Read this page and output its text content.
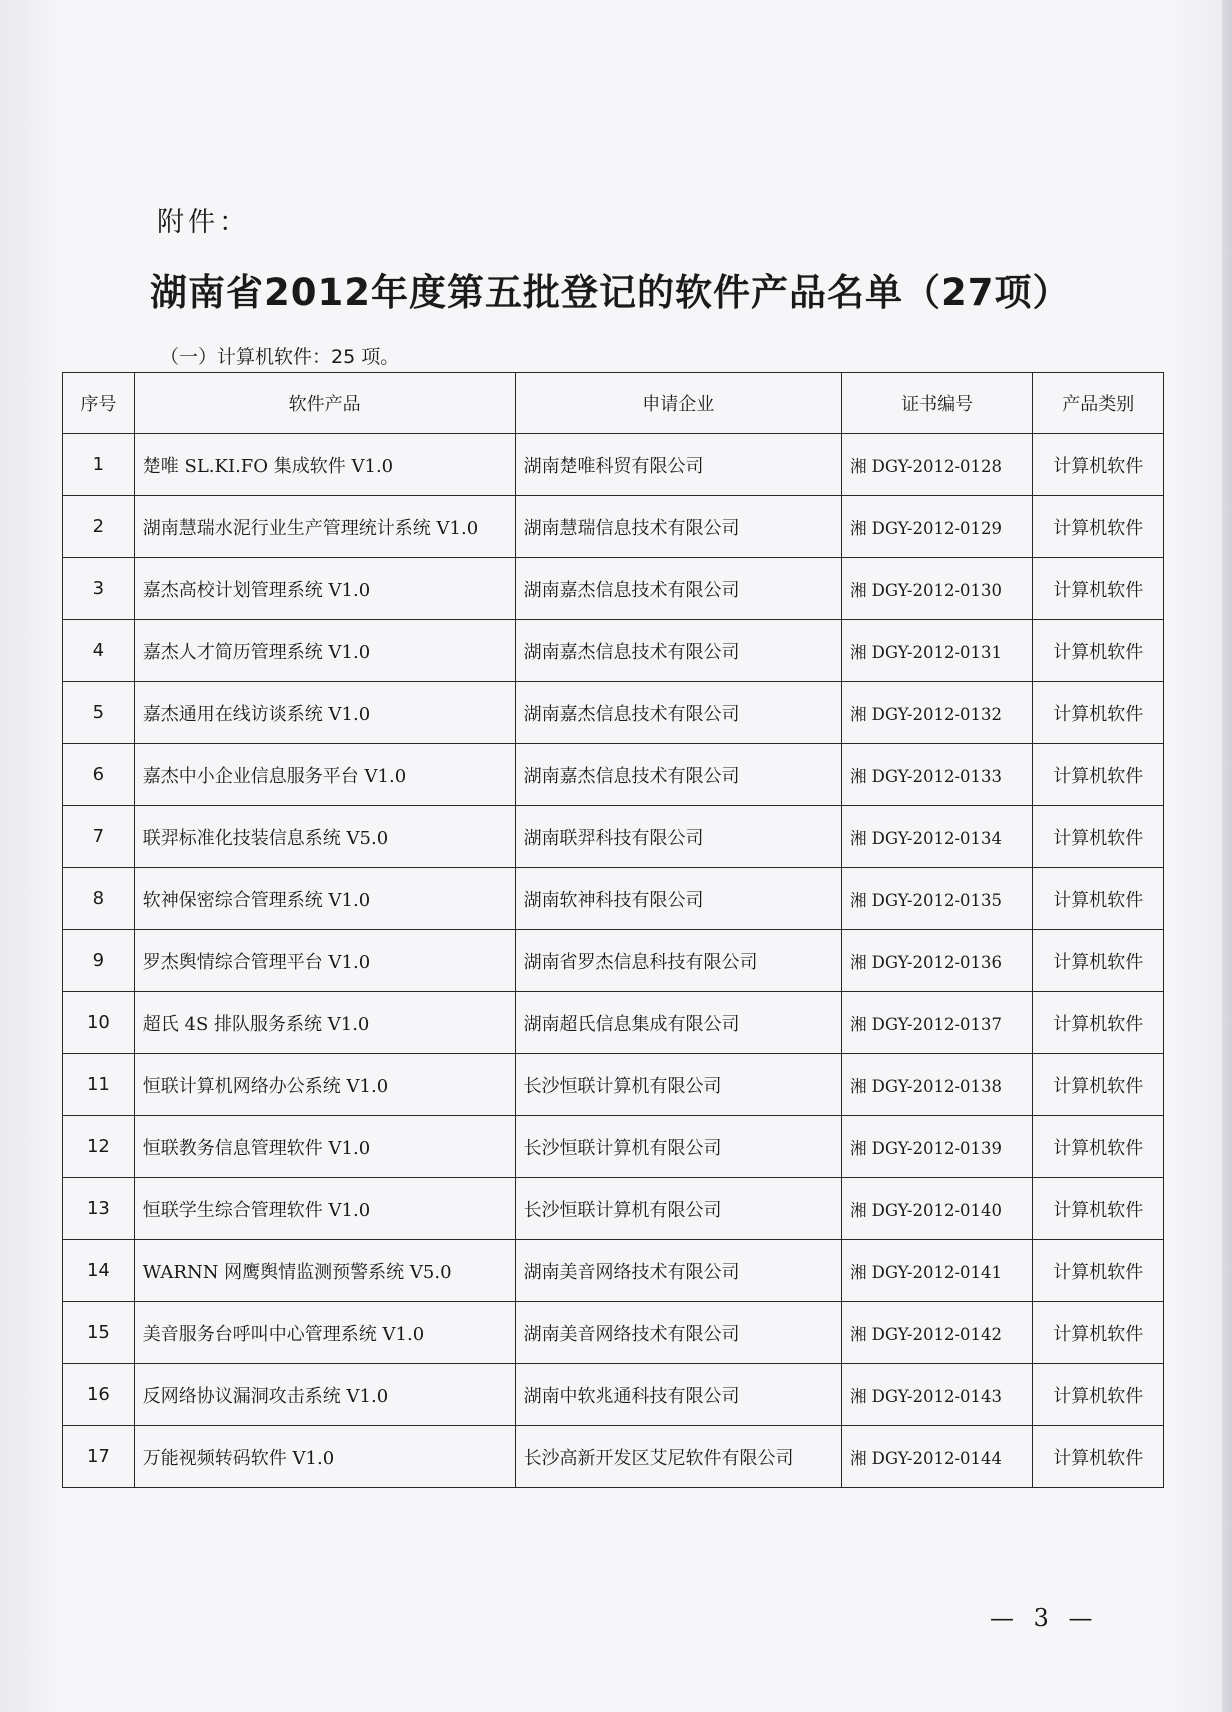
附件：
湖南省2012年度第五批登记的软件产品名单（27项）
（一）计算机软件：25 项。
序号	软件产品	申请企业	证书编号	产品类别
1	楚唯 SL.KI.FO 集成软件 V1.0	湖南楚唯科贸有限公司	湘 DGY-2012-0128	计算机软件
2	湖南慧瑞水泥行业生产管理统计系统 V1.0	湖南慧瑞信息技术有限公司	湘 DGY-2012-0129	计算机软件
3	嘉杰高校计划管理系统 V1.0	湖南嘉杰信息技术有限公司	湘 DGY-2012-0130	计算机软件
4	嘉杰人才简历管理系统 V1.0	湖南嘉杰信息技术有限公司	湘 DGY-2012-0131	计算机软件
5	嘉杰通用在线访谈系统 V1.0	湖南嘉杰信息技术有限公司	湘 DGY-2012-0132	计算机软件
6	嘉杰中小企业信息服务平台 V1.0	湖南嘉杰信息技术有限公司	湘 DGY-2012-0133	计算机软件
7	联羿标准化技装信息系统 V5.0	湖南联羿科技有限公司	湘 DGY-2012-0134	计算机软件
8	软神保密综合管理系统 V1.0	湖南软神科技有限公司	湘 DGY-2012-0135	计算机软件
9	罗杰舆情综合管理平台 V1.0	湖南省罗杰信息科技有限公司	湘 DGY-2012-0136	计算机软件
10	超氏 4S 排队服务系统 V1.0	湖南超氏信息集成有限公司	湘 DGY-2012-0137	计算机软件
11	恒联计算机网络办公系统 V1.0	长沙恒联计算机有限公司	湘 DGY-2012-0138	计算机软件
12	恒联教务信息管理软件 V1.0	长沙恒联计算机有限公司	湘 DGY-2012-0139	计算机软件
13	恒联学生综合管理软件 V1.0	长沙恒联计算机有限公司	湘 DGY-2012-0140	计算机软件
14	WARNN 网鹰舆情监测预警系统 V5.0	湖南美音网络技术有限公司	湘 DGY-2012-0141	计算机软件
15	美音服务台呼叫中心管理系统 V1.0	湖南美音网络技术有限公司	湘 DGY-2012-0142	计算机软件
16	反网络协议漏洞攻击系统 V1.0	湖南中软兆通科技有限公司	湘 DGY-2012-0143	计算机软件
17	万能视频转码软件 V1.0	长沙高新开发区艾尼软件有限公司	湘 DGY-2012-0144	计算机软件
— 3 —
